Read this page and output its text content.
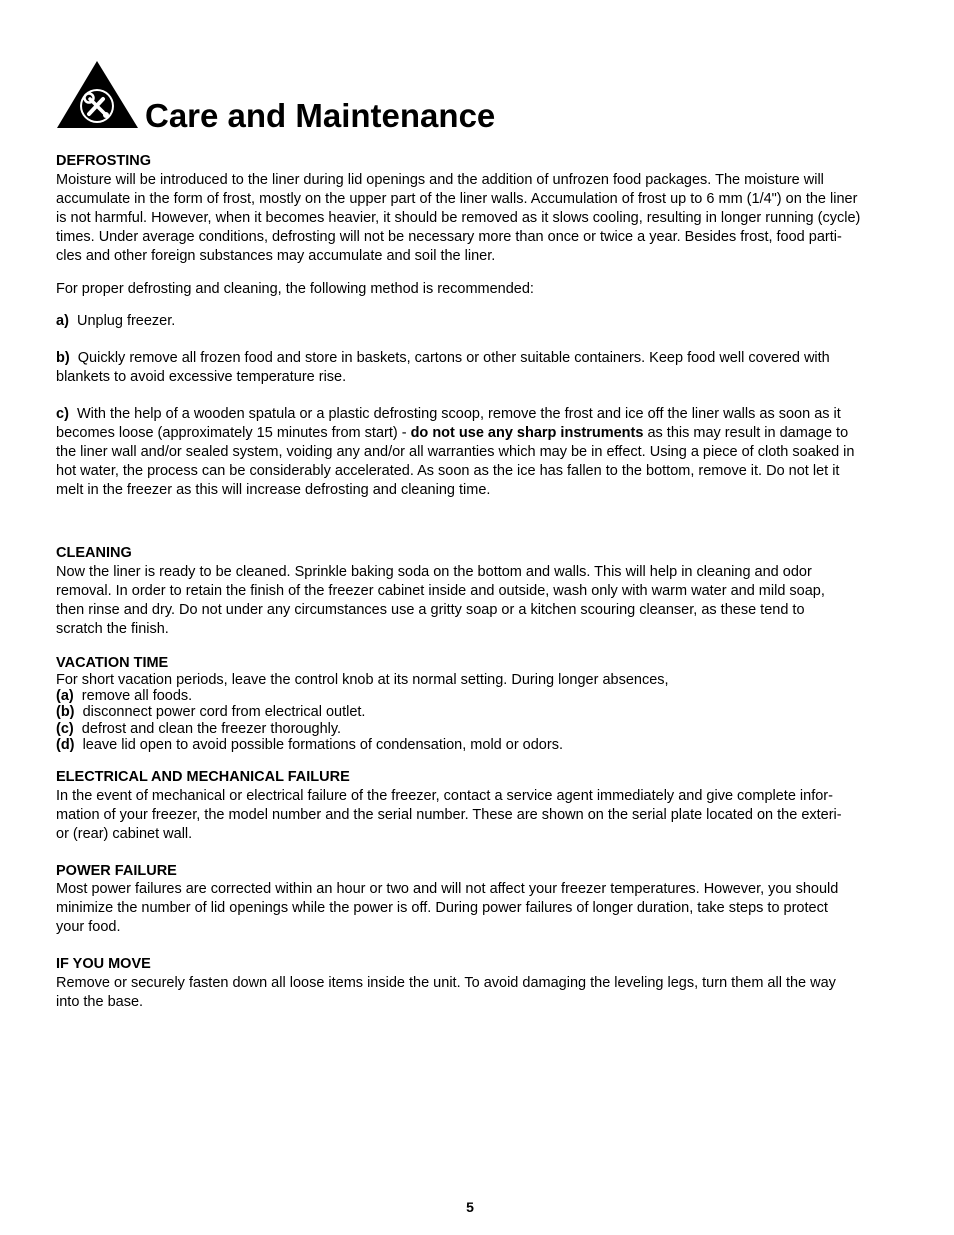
Care and Maintenance
DEFROSTING
Moisture will be introduced to the liner during lid openings and the addition of unfrozen food packages. The moisture will
accumulate in the form of frost, mostly on the upper part of the liner walls. Accumulation of frost up to 6 mm (1/4") on the liner
is not harmful. However, when it becomes heavier, it should be removed as it slows cooling, resulting in longer running (cycle)
times. Under average conditions, defrosting will not be necessary more than once or twice a year. Besides frost, food parti-
cles and other foreign substances may accumulate and soil the liner.
For proper defrosting and cleaning, the following method is recommended:
a) Unplug freezer.
b) Quickly remove all frozen food and store in baskets, cartons or other suitable containers. Keep food well covered with
blankets to avoid excessive temperature rise.
c) With the help of a wooden spatula or a plastic defrosting scoop, remove the frost and ice off the liner walls as soon as it
becomes loose (approximately 15 minutes from start) - do not use any sharp instruments as this may result in damage to
the liner wall and/or sealed system, voiding any and/or all warranties which may be in effect. Using a piece of cloth soaked in
hot water, the process can be considerably accelerated. As soon as the ice has fallen to the bottom, remove it. Do not let it
melt in the freezer as this will increase defrosting and cleaning time.
CLEANING
Now the liner is ready to be cleaned. Sprinkle baking soda on the bottom and walls. This will help in cleaning and odor
removal. In order to retain the finish of the freezer cabinet inside and outside, wash only with warm water and mild soap,
then rinse and dry. Do not under any circumstances use a gritty soap or a kitchen scouring cleanser, as these tend to
scratch the finish.
VACATION TIME
For short vacation periods, leave the control knob at its normal setting. During longer absences,
(a) remove all foods.
(b) disconnect power cord from electrical outlet.
(c) defrost and clean the freezer thoroughly.
(d) leave lid open to avoid possible formations of condensation, mold or odors.
ELECTRICAL AND MECHANICAL FAILURE
In the event of mechanical or electrical failure of the freezer, contact a service agent immediately and give complete infor-
mation of your freezer, the model number and the serial number. These are shown on the serial plate located on the exteri-
or (rear) cabinet wall.
POWER FAILURE
Most power failures are corrected within an hour or two and will not affect your freezer temperatures. However, you should
minimize the number of lid openings while the power is off. During power failures of longer duration, take steps to protect
your food.
IF YOU MOVE
Remove or securely fasten down all loose items inside the unit. To avoid damaging the leveling legs, turn them all the way
into the base.
5
